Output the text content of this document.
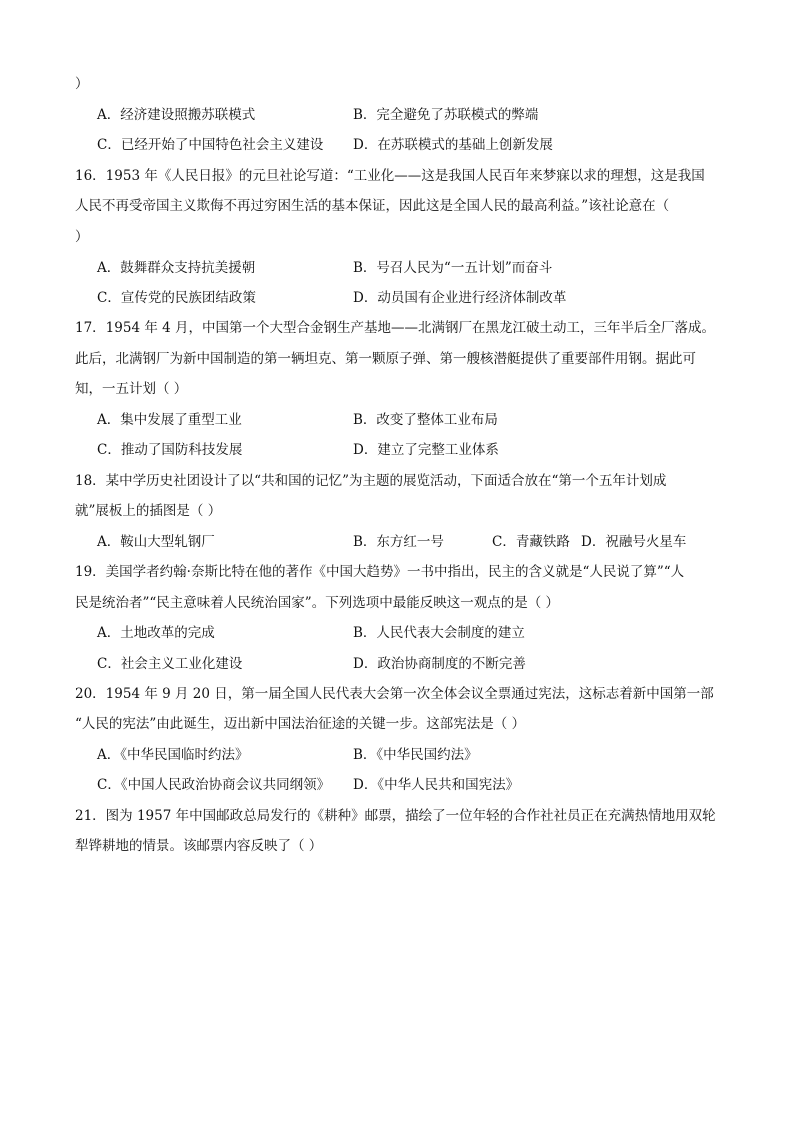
）
A．经济建设照搬苏联模式	B．完全避免了苏联模式的弊端
C．已经开始了中国特色社会主义建设 D．在苏联模式的基础上创新发展
16．1953 年《人民日报》的元旦社论写道：“工业化——这是我国人民百年来梦寐以求的理想，这是我国
人民不再受帝国主义欺侮不再过穷困生活的基本保证，因此这是全国人民的最高利益。”该社论意在（
）
A．鼓舞群众支持抗美援朝	B．号召人民为“一五计划”而奋斗
C．宣传党的民族团结政策	D．动员国有企业进行经济体制改革
17．1954 年 4 月，中国第一个大型合金钢生产基地——北满钢厂在黑龙江破土动工，三年半后全厂落成。
此后，北满钢厂为新中国制造的第一辆坦克、第一颗原子弹、第一艘核潜艇提供了重要部件用钢。据此可
知，一五计划（ ）
A．集中发展了重型工业	B．改变了整体工业布局
C．推动了国防科技发展	D．建立了完整工业体系
18．某中学历史社团设计了以“共和国的记忆”为主题的展览活动，下面适合放在“第一个五年计划成
就”展板上的插图是（ ）
A．鞍山大型轧钢厂	B．东方红一号	C．青藏铁路 D．祝融号火星车
19．美国学者约翰·奈斯比特在他的著作《中国大趋势》一书中指出，民主的含义就是“人民说了算”“人
民是统治者”“民主意味着人民统治国家”。下列选项中最能反映这一观点的是（ ）
A．土地改革的完成	B．人民代表大会制度的建立
C．社会主义工业化建设	D．政治协商制度的不断完善
20．1954 年 9 月 20 日，第一届全国人民代表大会第一次全体会议全票通过宪法，这标志着新中国第一部
“人民的宪法”由此诞生，迈出新中国法治征途的关键一步。这部宪法是（ ）
A．《中华民国临时约法》	B．《中华民国约法》
C．《中国人民政治协商会议共同纲领》 D．《中华人民共和国宪法》
21．图为 1957 年中国邮政总局发行的《耕种》邮票，描绘了一位年轻的合作社社员正在充满热情地用双轮
犁铧耕地的情景。该邮票内容反映了（ ）
